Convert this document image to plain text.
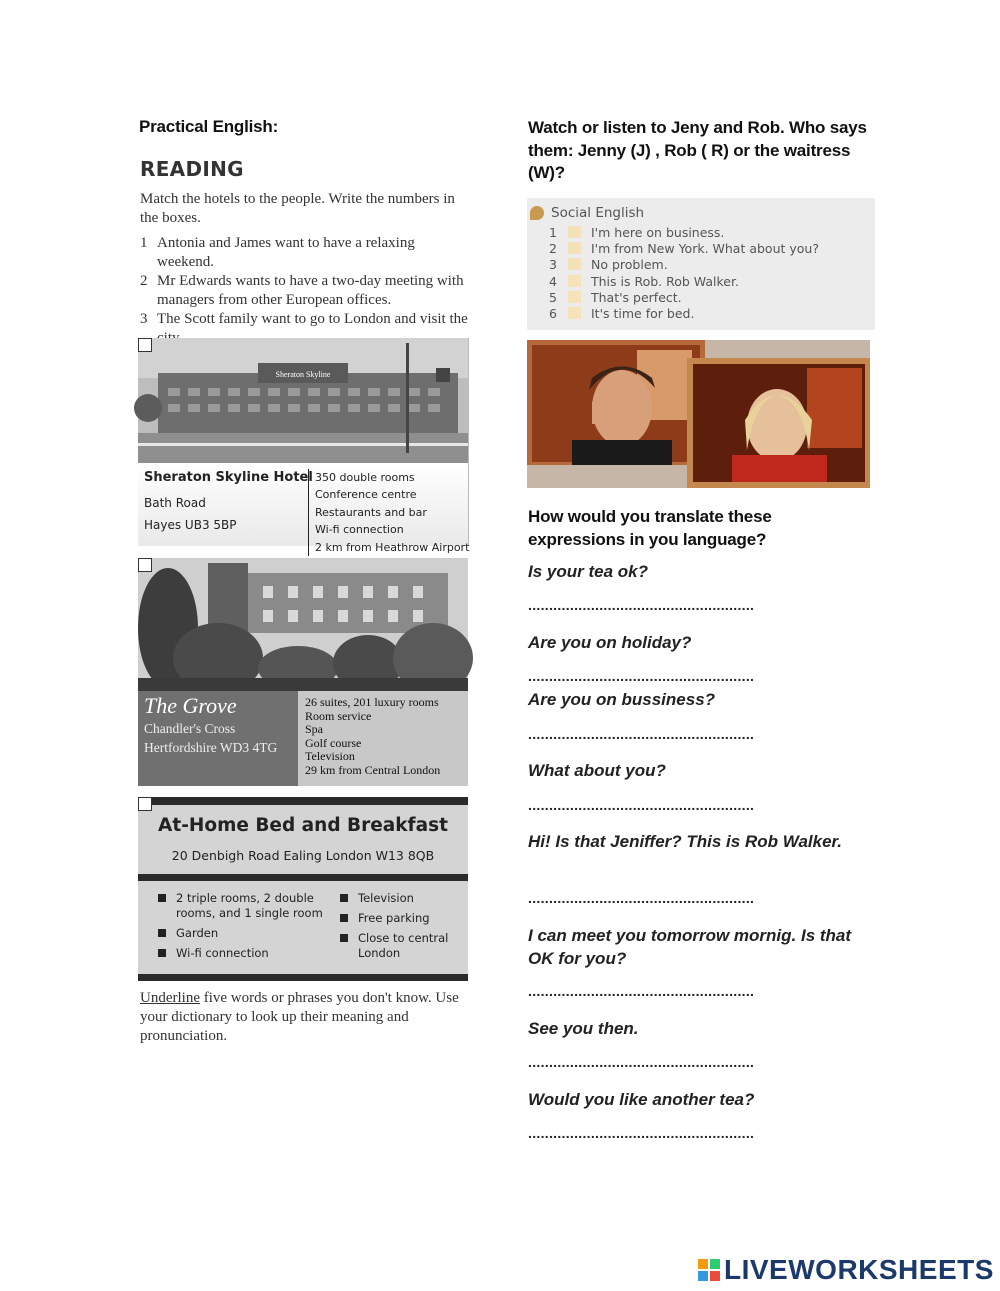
Practical English:
READING
Match the hotels to the people. Write the numbers in the boxes.
1 Antonia and James want to have a relaxing weekend.
2 Mr Edwards wants to have a two-day meeting with managers from other European offices.
3 The Scott family want to go to London and visit the
Sheraton Skyline
Sheraton Skyline Hotel
Bath Road
Hayes UB3 5BP
350 double rooms
Conference centre
Restaurants and bar
Wi-fi connection
2 km from Heathrow Airport
The Grove
Chandler's Cross
Hertfordshire WD3 4TG
26 suites, 201 luxury rooms
Room service
Spa
Golf course
Television
29 km from Central London
At-Home Bed and Breakfast
20 Denbigh Road Ealing London W13 8QB
2 triple rooms, 2 double rooms, and 1 single room
Garden
Wi-fi connection
Television
Free parking
Close to central London
Underline five words or phrases you don't know. Use your dictionary to look up their meaning and pronunciation.
Watch or listen to Jeny and Rob. Who says them: Jenny (J) , Rob ( R) or the waitress (W)?
Social English
1	I'm here on business.
2	I'm from New York. What about you?
3	No problem.
4	This is Rob. Rob Walker.
5	That's perfect.
6	It's time for bed.
How would you translate these expressions in you language?
Is your tea ok?
......................................................
Are you on holiday?
......................................................
Are you on bussiness?
......................................................
What about you?
......................................................
Hi! Is that Jeniffer? This is Rob Walker.
......................................................
I can meet you tomorrow mornig. Is that OK for you?
......................................................
See you then.
......................................................
Would you like another tea?
......................................................
LIVEWORKSHEETS
